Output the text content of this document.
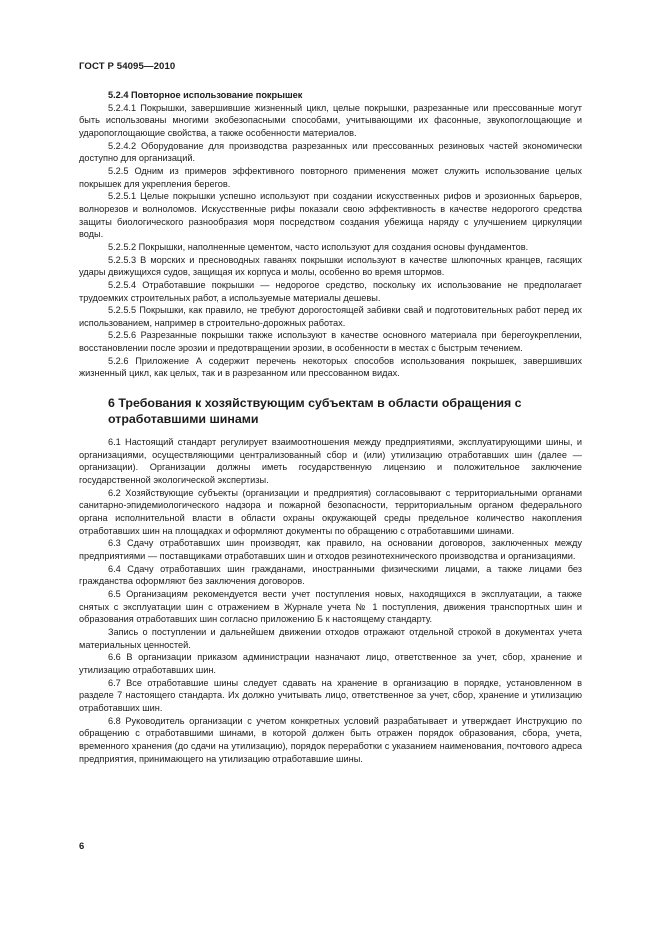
ГОСТ Р 54095—2010

5.2.4 Повторное использование покрышек

5.2.4.1 Покрышки, завершившие жизненный цикл, целые покрышки, разрезанные или прессованные могут быть использованы многими экобезопасными способами, учитывающими их фасонные, звукопоглощающие и ударопоглощающие свойства, а также особенности материалов.

5.2.4.2 Оборудование для производства разрезанных или прессованных резиновых частей экономически доступно для организаций.

5.2.5 Одним из примеров эффективного повторного применения может служить использование целых покрышек для укрепления берегов.

5.2.5.1 Целые покрышки успешно используют при создании искусственных рифов и эрозионных барьеров, волнорезов и волноломов. Искусственные рифы показали свою эффективность в качестве недорогого средства защиты биологического разнообразия моря посредством создания убежища наряду с улучшением циркуляции воды.

5.2.5.2 Покрышки, наполненные цементом, часто используют для создания основы фундаментов.

5.2.5.3 В морских и пресноводных гаванях покрышки используют в качестве шлюпочных кранцев, гасящих удары движущихся судов, защищая их корпуса и молы, особенно во время штормов.

5.2.5.4 Отработавшие покрышки — недорогое средство, поскольку их использование не предполагает трудоемких строительных работ, а используемые материалы дешевы.

5.2.5.5 Покрышки, как правило, не требуют дорогостоящей забивки свай и подготовительных работ перед их использованием, например в строительно-дорожных работах.

5.2.5.6 Разрезанные покрышки также используют в качестве основного материала при берегоукреплении, восстановлении после эрозии и предотвращении эрозии, в особенности в местах с быстрым течением.

5.2.6 Приложение А содержит перечень некоторых способов использования покрышек, завершивших жизненный цикл, как целых, так и в разрезанном или прессованном видах.

6 Требования к хозяйствующим субъектам в области обращения с отработавшими шинами

6.1 Настоящий стандарт регулирует взаимоотношения между предприятиями, эксплуатирующими шины, и организациями, осуществляющими централизованный сбор и (или) утилизацию отработавших шин (далее — организации). Организации должны иметь государственную лицензию и положительное заключение государственной экологической экспертизы.

6.2 Хозяйствующие субъекты (организации и предприятия) согласовывают с территориальными органами санитарно-эпидемиологического надзора и пожарной безопасности, территориальным органом федерального органа исполнительной власти в области охраны окружающей среды предельное количество накопления отработавших шин на площадках и оформляют документы по обращению с отработавшими шинами.

6.3 Сдачу отработавших шин производят, как правило, на основании договоров, заключенных между предприятиями — поставщиками отработавших шин и отходов резинотехнического производства и организациями.

6.4 Сдачу отработавших шин гражданами, иностранными физическими лицами, а также лицами без гражданства оформляют без заключения договоров.

6.5 Организациям рекомендуется вести учет поступления новых, находящихся в эксплуатации, а также снятых с эксплуатации шин с отражением в Журнале учета № 1 поступления, движения транспортных шин и образования отработавших шин согласно приложению Б к настоящему стандарту.

Запись о поступлении и дальнейшем движении отходов отражают отдельной строкой в документах учета материальных ценностей.

6.6 В организации приказом администрации назначают лицо, ответственное за учет, сбор, хранение и утилизацию отработавших шин.

6.7 Все отработавшие шины следует сдавать на хранение в организацию в порядке, установленном в разделе 7 настоящего стандарта. Их должно учитывать лицо, ответственное за учет, сбор, хранение и утилизацию отработавших шин.

6.8 Руководитель организации с учетом конкретных условий разрабатывает и утверждает Инструкцию по обращению с отработавшими шинами, в которой должен быть отражен порядок образования, сбора, учета, временного хранения (до сдачи на утилизацию), порядок переработки с указанием наименования, почтового адреса предприятия, принимающего на утилизацию отработавшие шины.

6
